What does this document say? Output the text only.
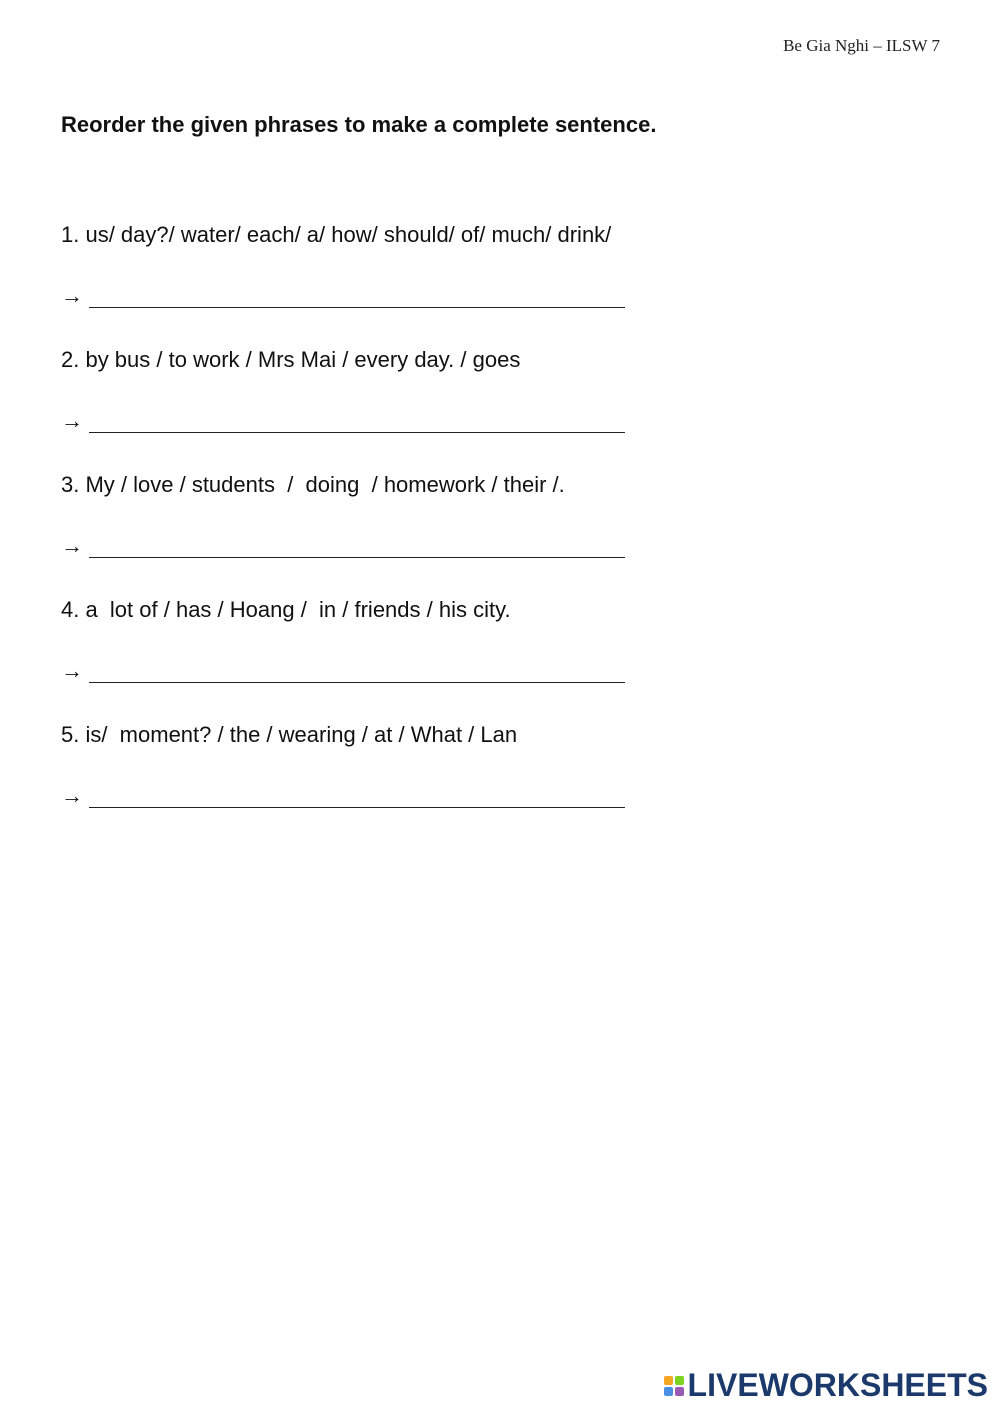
Be Gia Nghi – ILSW 7
Reorder the given phrases to make a complete sentence.
1. us/ day?/ water/ each/ a/ how/ should/ of/ much/ drink/
→
2. by bus / to work / Mrs Mai / every day. / goes
→
3. My / love / students  /  doing  / homework / their /.
→
4. a  lot of / has / Hoang /  in / friends / his city.
→
5. is/  moment? / the / wearing / at / What / Lan
→
LIVEWORKSHEETS
